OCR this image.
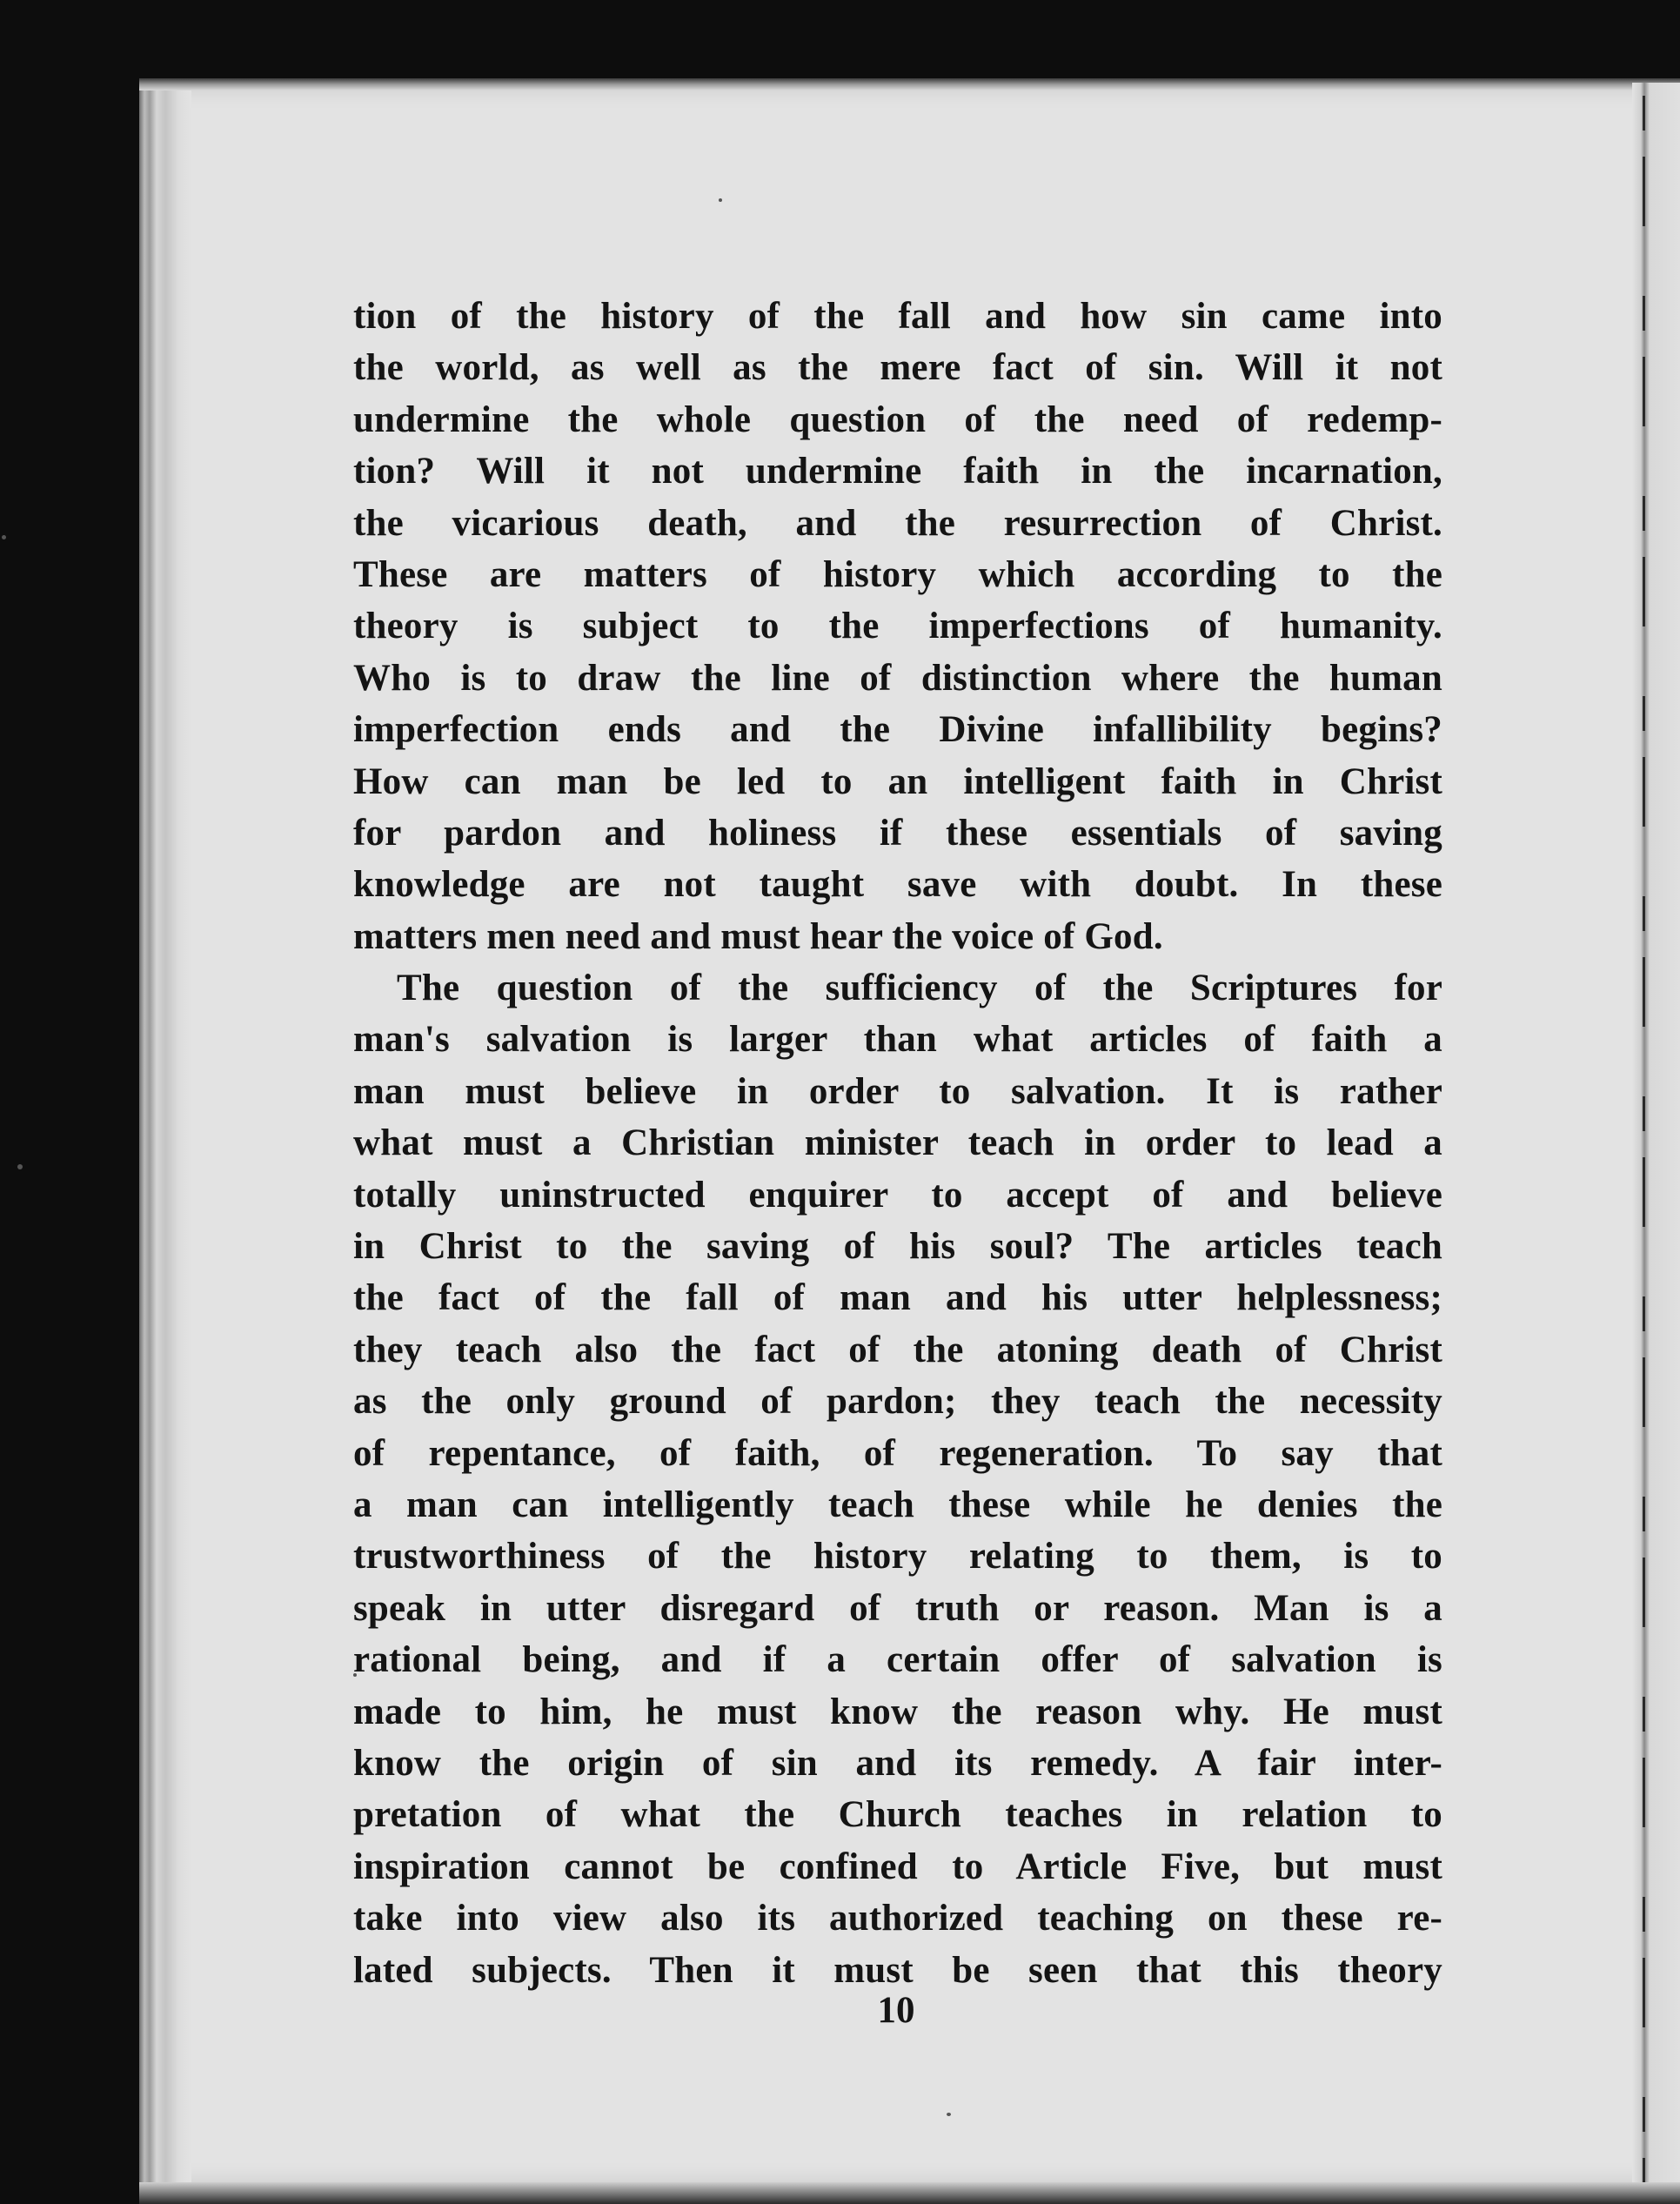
tion of the history of the fall and how sin came into
the world, as well as the mere fact of sin. Will it not
undermine the whole question of the need of redemp-
tion? Will it not undermine faith in the incarnation,
the vicarious death, and the resurrection of Christ.
These are matters of history which according to the
theory is subject to the imperfections of humanity.
Who is to draw the line of distinction where the human
imperfection ends and the Divine infallibility begins?
How can man be led to an intelligent faith in Christ
for pardon and holiness if these essentials of saving
knowledge are not taught save with doubt. In these
matters men need and must hear the voice of God.
The question of the sufficiency of the Scriptures for
man's salvation is larger than what articles of faith a
man must believe in order to salvation. It is rather
what must a Christian minister teach in order to lead a
totally uninstructed enquirer to accept of and believe
in Christ to the saving of his soul? The articles teach
the fact of the fall of man and his utter helplessness;
they teach also the fact of the atoning death of Christ
as the only ground of pardon; they teach the necessity
of repentance, of faith, of regeneration. To say that
a man can intelligently teach these while he denies the
trustworthiness of the history relating to them, is to
speak in utter disregard of truth or reason. Man is a
rational being, and if a certain offer of salvation is
made to him, he must know the reason why. He must
know the origin of sin and its remedy. A fair inter-
pretation of what the Church teaches in relation to
inspiration cannot be confined to Article Five, but must
take into view also its authorized teaching on these re-
lated subjects. Then it must be seen that this theory
10
